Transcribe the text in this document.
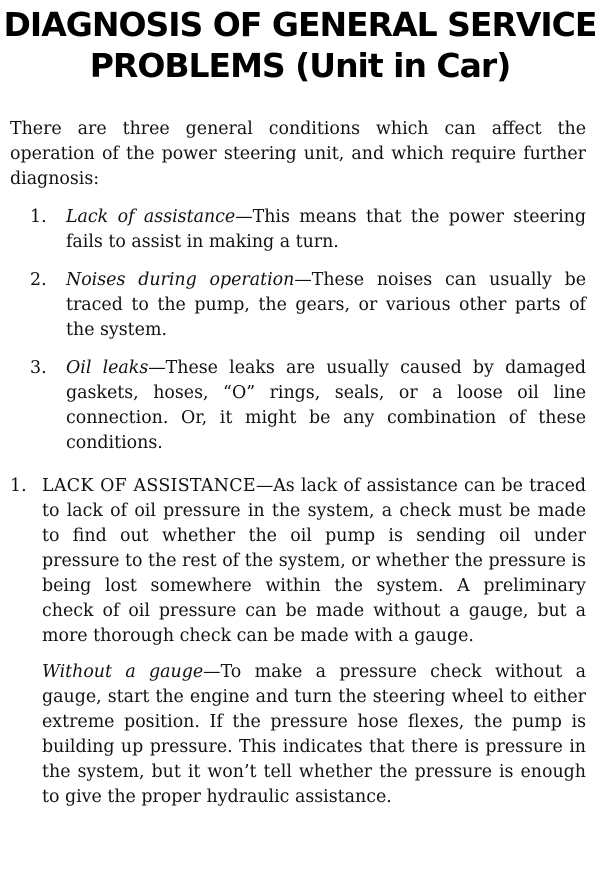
DIAGNOSIS OF GENERAL SERVICE
PROBLEMS (Unit in Car)

There are three general conditions which can affect the operation of the power steering unit, and which require further diagnosis:

1. Lack of assistance—This means that the power steering fails to assist in making a turn.
2. Noises during operation—These noises can usually be traced to the pump, the gears, or various other parts of the system.
3. Oil leaks—These leaks are usually caused by damaged gaskets, hoses, “O” rings, seals, or a loose oil line connection. Or, it might be any combination of these conditions.
1. LACK OF ASSISTANCE—As lack of assistance can be traced to lack of oil pressure in the system, a check must be made to find out whether the oil pump is sending oil under pressure to the rest of the system, or whether the pressure is being lost somewhere within the system. A preliminary check of oil pressure can be made without a gauge, but a more thorough check can be made with a gauge.

Without a gauge—To make a pressure check without a gauge, start the engine and turn the steering wheel to either extreme position. If the pressure hose flexes, the pump is building up pressure. This indicates that there is pressure in the system, but it won’t tell whether the pressure is enough to give the proper hydraulic assistance.
